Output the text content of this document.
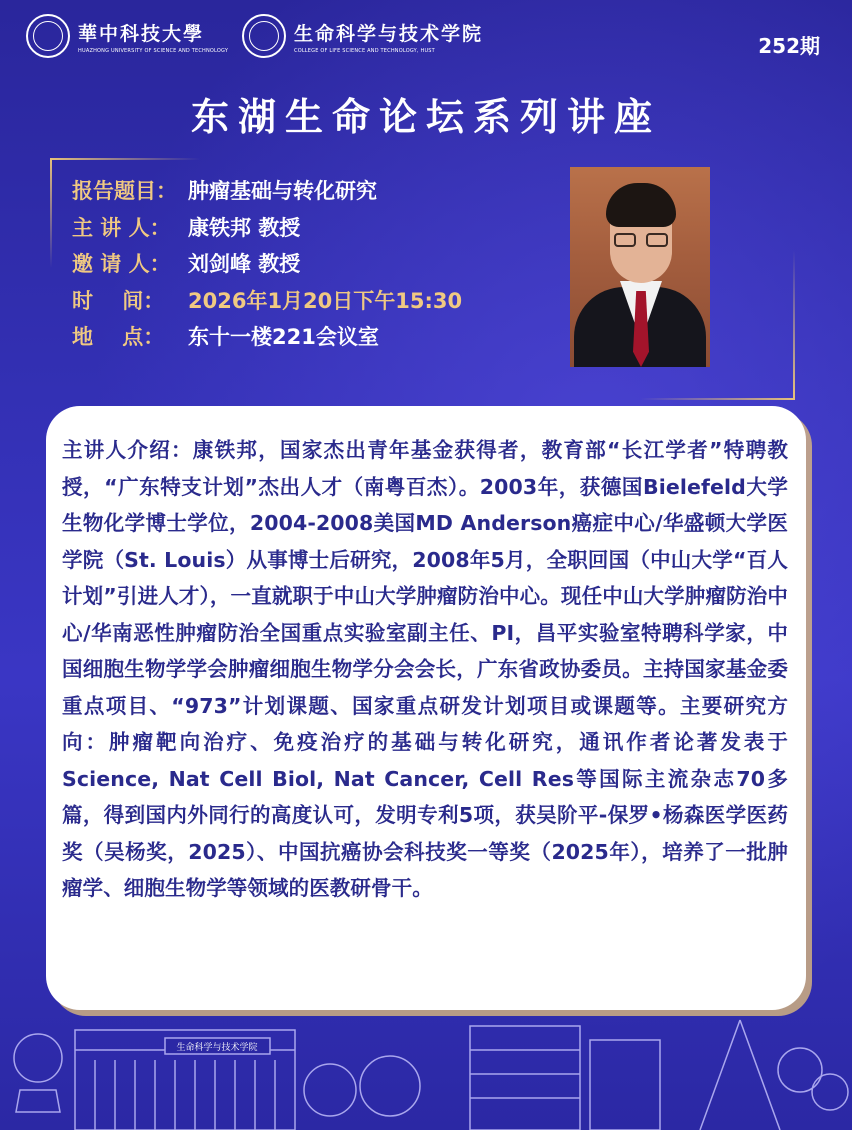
華中科技大學
HUAZHONG UNIVERSITY OF SCIENCE AND TECHNOLOGY
生命科学与技术学院
COLLEGE OF LIFE SCIENCE AND TECHNOLOGY, HUST	252期
东湖生命论坛系列讲座
报告题目： 肿瘤基础与转化研究
主 讲 人： 康铁邦 教授
邀 请 人： 刘剑峰 教授
时    间：	2026年1月20日下午15:30
地    点：	东十一楼221会议室
主讲人介绍：康铁邦，国家杰出青年基金获得者，教育部“长江学者”特聘教授，“广东特支计划”杰出人才（南粤百杰）。2003年，获德国Bielefeld大学生物化学博士学位，2004-2008美国MD Anderson癌症中心/华盛顿大学医学院（St. Louis）从事博士后研究，2008年5月，全职回国（中山大学“百人计划”引进人才），一直就职于中山大学肿瘤防治中心。现任中山大学肿瘤防治中心/华南恶性肿瘤防治全国重点实验室副主任、PI，昌平实验室特聘科学家，中国细胞生物学学会肿瘤细胞生物学分会会长，广东省政协委员。主持国家基金委重点项目、“973”计划课题、国家重点研发计划项目或课题等。主要研究方向：肿瘤靶向治疗、免疫治疗的基础与转化研究，通讯作者论著发表于Science, Nat Cell Biol, Nat Cancer, Cell Res等国际主流杂志70多篇，得到国内外同行的高度认可，发明专利5项，获吴阶平-保罗•杨森医学医药奖（吴杨奖，2025）、中国抗癌协会科技奖一等奖（2025年），培养了一批肿瘤学、细胞生物学等领域的医教研骨干。
生命科学与技术学院
